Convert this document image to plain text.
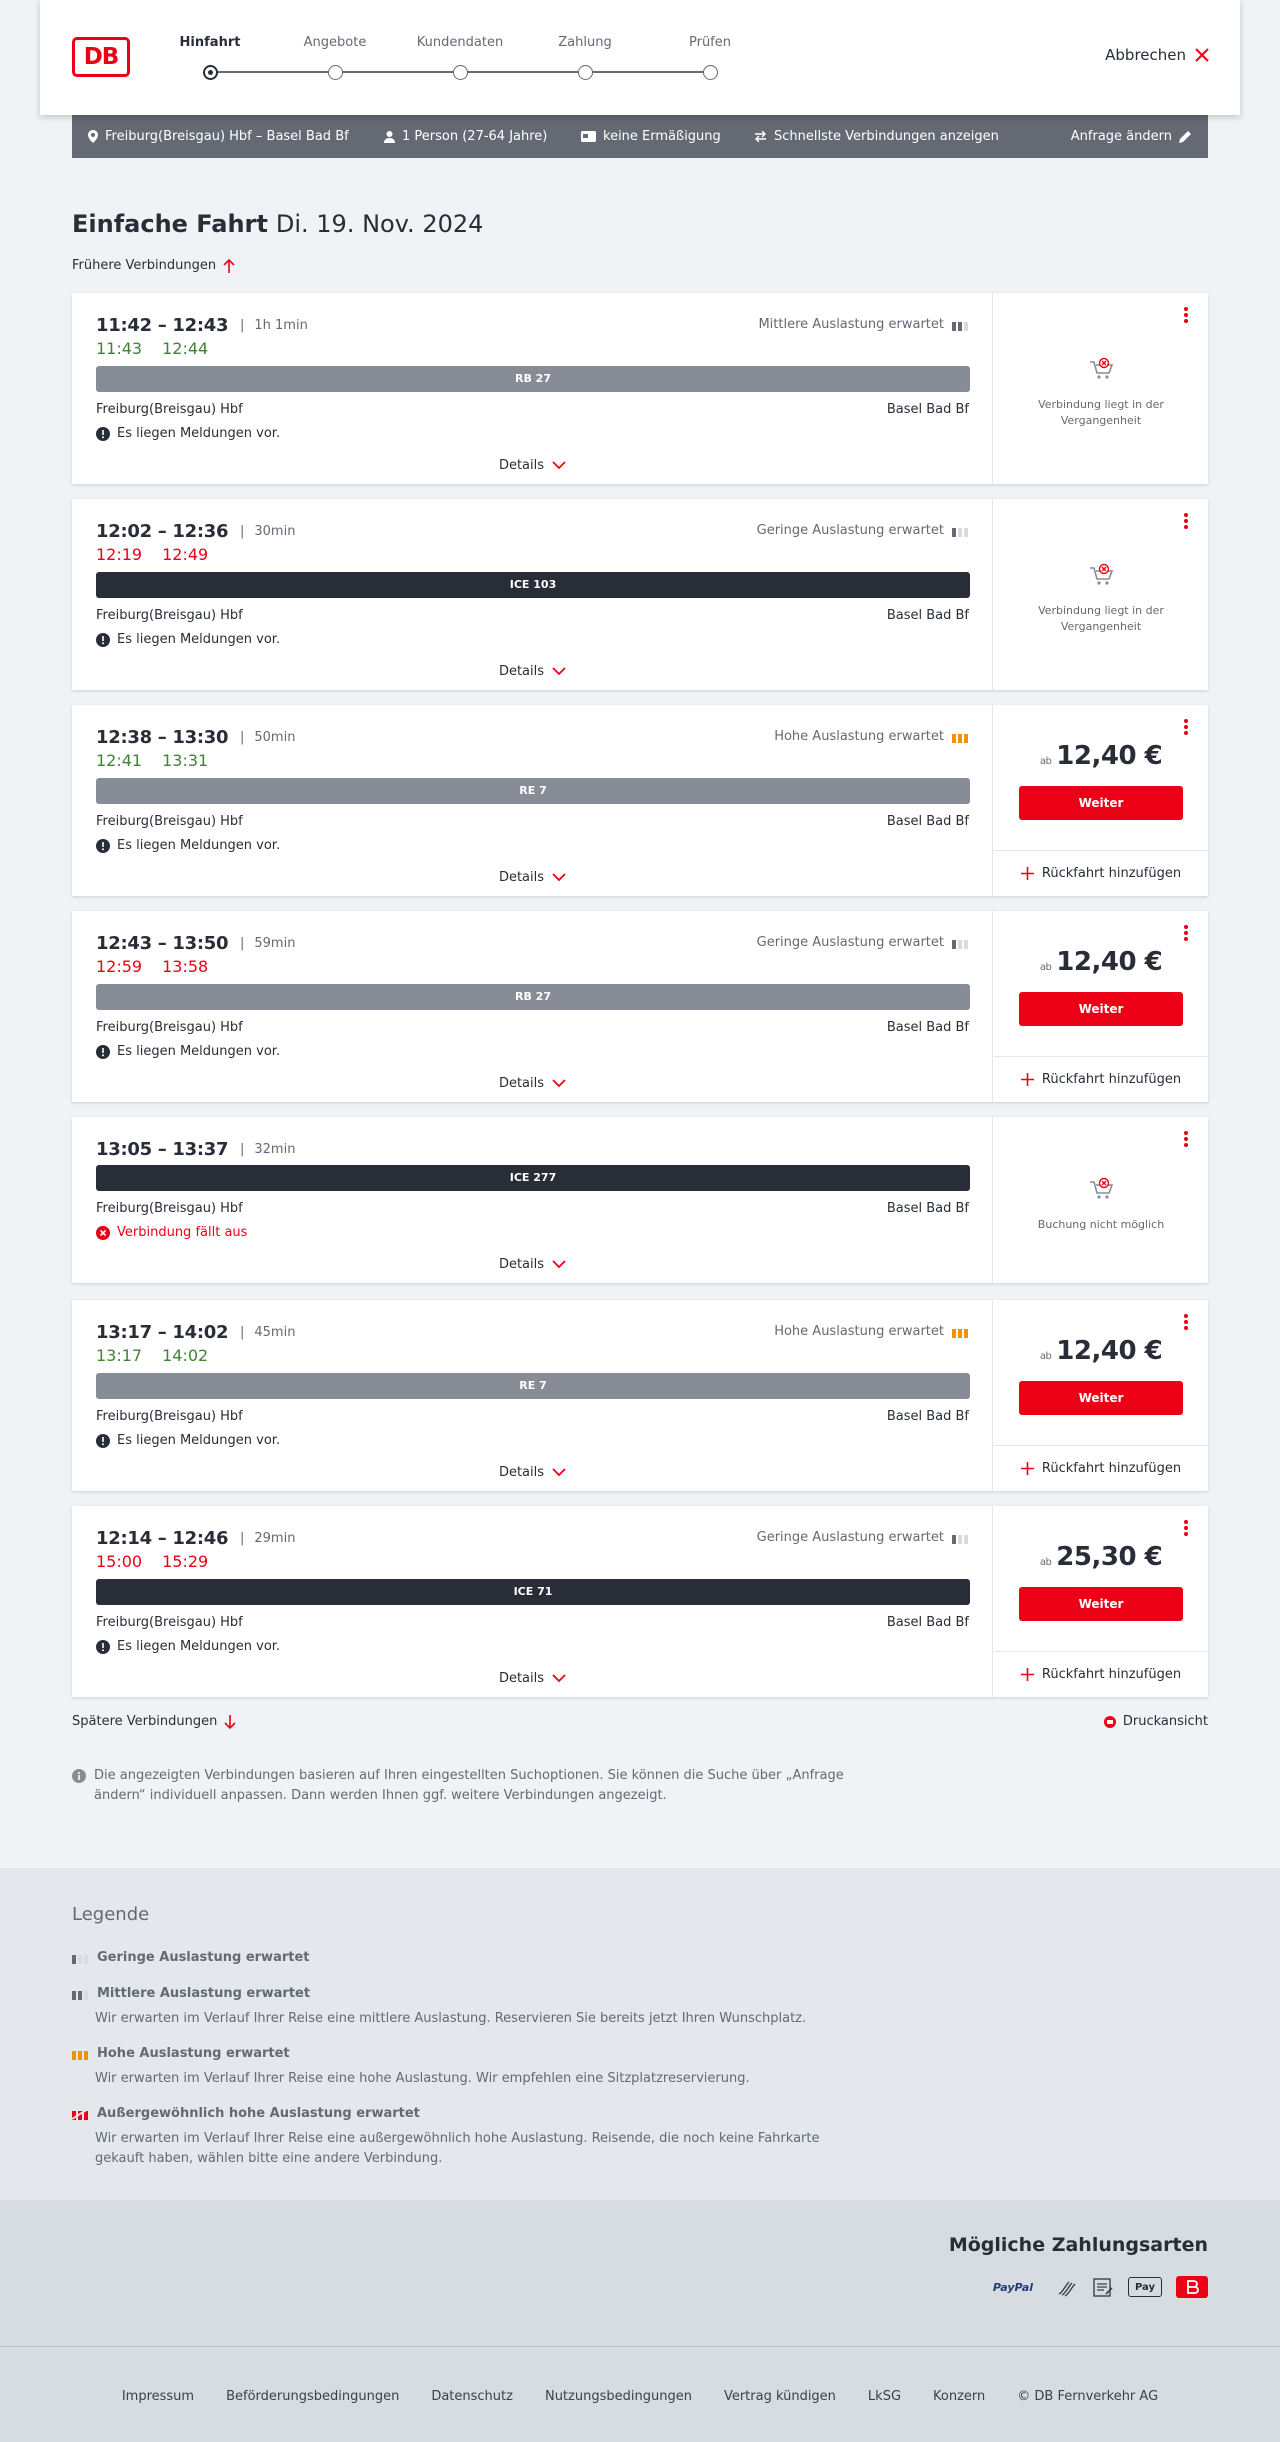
DB
Hinfahrt	Angebote	Kundendaten	Zahlung	Prüfen
Abbrechen
Freiburg(Breisgau) Hbf – Basel Bad Bf	1 Person (27-64 Jahre)	keine Ermäßigung	Schnellste Verbindungen anzeigen	Anfrage ändern
Einfache Fahrt Di. 19. Nov. 2024
Frühere Verbindungen
11:42 – 12:43	| 1h 1min
11:43 12:44
Mittlere Auslastung erwartet
RB 27
Freiburg(Breisgau) Hbf	Basel Bad Bf
Es liegen Meldungen vor.
Details
Verbindung liegt in der Vergangenheit
12:02 – 12:36	| 30min
12:19 12:49
Geringe Auslastung erwartet
ICE 103
Freiburg(Breisgau) Hbf	Basel Bad Bf
Es liegen Meldungen vor.
Details
Verbindung liegt in der Vergangenheit
12:38 – 13:30	| 50min
12:41 13:31
Hohe Auslastung erwartet
RE 7
Freiburg(Breisgau) Hbf	Basel Bad Bf
Es liegen Meldungen vor.
Details
ab 12,40 €
Weiter
Rückfahrt hinzufügen
12:43 – 13:50	| 59min
12:59 13:58
Geringe Auslastung erwartet
RB 27
Freiburg(Breisgau) Hbf	Basel Bad Bf
Es liegen Meldungen vor.
Details
ab 12,40 €
Weiter
Rückfahrt hinzufügen
13:05 – 13:37	| 32min
ICE 277
Freiburg(Breisgau) Hbf	Basel Bad Bf
Verbindung fällt aus
Details
Buchung nicht möglich
13:17 – 14:02	| 45min
13:17 14:02
Hohe Auslastung erwartet
RE 7
Freiburg(Breisgau) Hbf	Basel Bad Bf
Es liegen Meldungen vor.
Details
ab 12,40 €
Weiter
Rückfahrt hinzufügen
12:14 – 12:46	| 29min
15:00 15:29
Geringe Auslastung erwartet
ICE 71
Freiburg(Breisgau) Hbf	Basel Bad Bf
Es liegen Meldungen vor.
Details
ab 25,30 €
Weiter
Rückfahrt hinzufügen
Spätere Verbindungen	Druckansicht
Die angezeigten Verbindungen basieren auf Ihren eingestellten Suchoptionen. Sie können die Suche über „Anfrage ändern“ individuell anpassen. Dann werden Ihnen ggf. weitere Verbindungen angezeigt.
Legende
Geringe Auslastung erwartet
Mittlere Auslastung erwartet

Wir erwarten im Verlauf Ihrer Reise eine mittlere Auslastung. Reservieren Sie bereits jetzt Ihren Wunschplatz.

Hohe Auslastung erwartet

Wir erwarten im Verlauf Ihrer Reise eine hohe Auslastung. Wir empfehlen eine Sitzplatzreservierung.

Außergewöhnlich hohe Auslastung erwartet

Wir erwarten im Verlauf Ihrer Reise eine außergewöhnlich hohe Auslastung. Reisende, die noch keine Fahrkarte gekauft haben, wählen bitte eine andere Verbindung.

Mögliche Zahlungsarten
PayPal	Pay
Impressum Beförderungsbedingungen Datenschutz Nutzungsbedingungen Vertrag kündigen LkSG Konzern © DB Fernverkehr AG
